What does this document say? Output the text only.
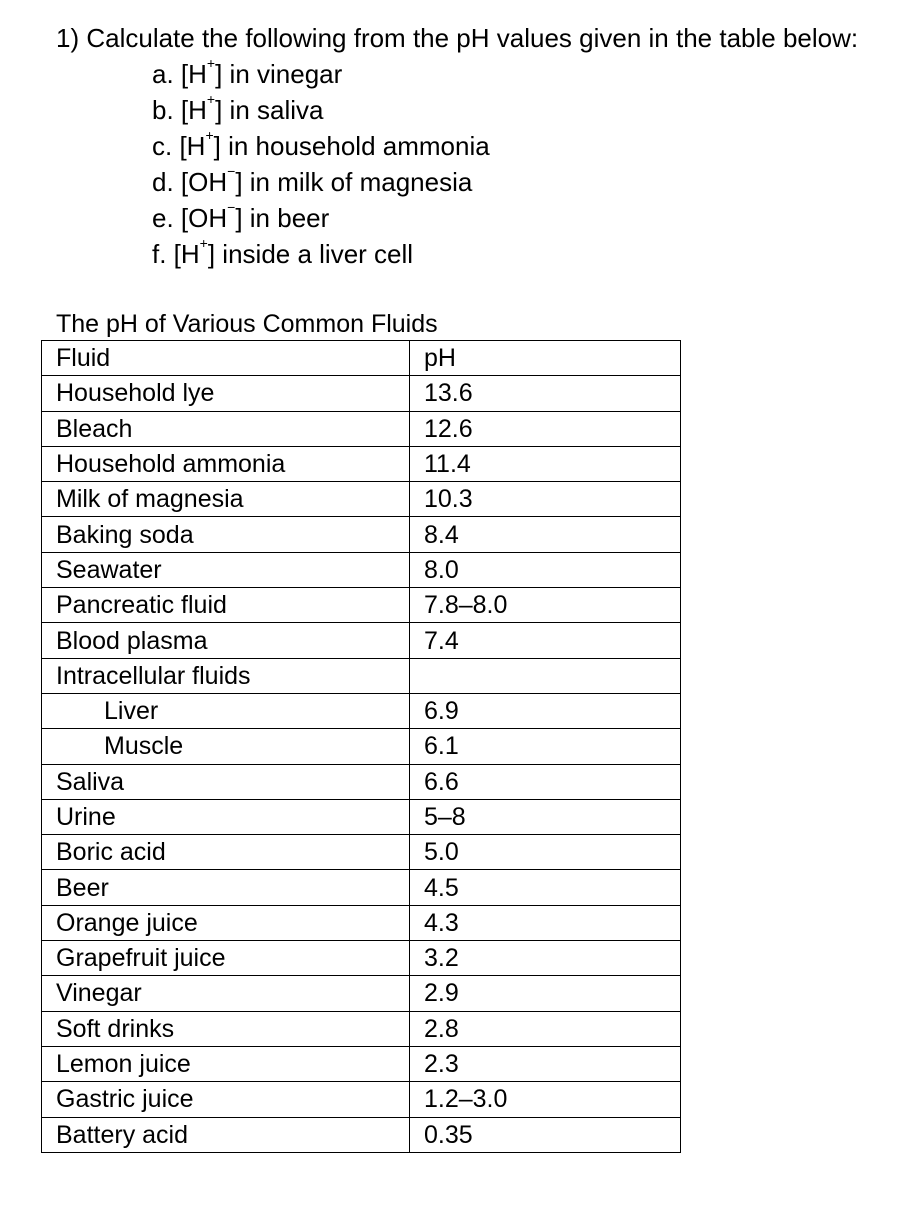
1) Calculate the following from the pH values given in the table below:
a. [H+] in vinegar
b. [H+] in saliva
c. [H+] in household ammonia
d. [OH−] in milk of magnesia
e. [OH−] in beer
f. [H+] inside a liver cell
The pH of Various Common Fluids
Fluid	pH
Household lye	13.6
Bleach	12.6
Household ammonia	11.4
Milk of magnesia	10.3
Baking soda	8.4
Seawater	8.0
Pancreatic fluid	7.8–8.0
Blood plasma	7.4
Intracellular fluids	
Liver	6.9
Muscle	6.1
Saliva	6.6
Urine	5–8
Boric acid	5.0
Beer	4.5
Orange juice	4.3
Grapefruit juice	3.2
Vinegar	2.9
Soft drinks	2.8
Lemon juice	2.3
Gastric juice	1.2–3.0
Battery acid	0.35
